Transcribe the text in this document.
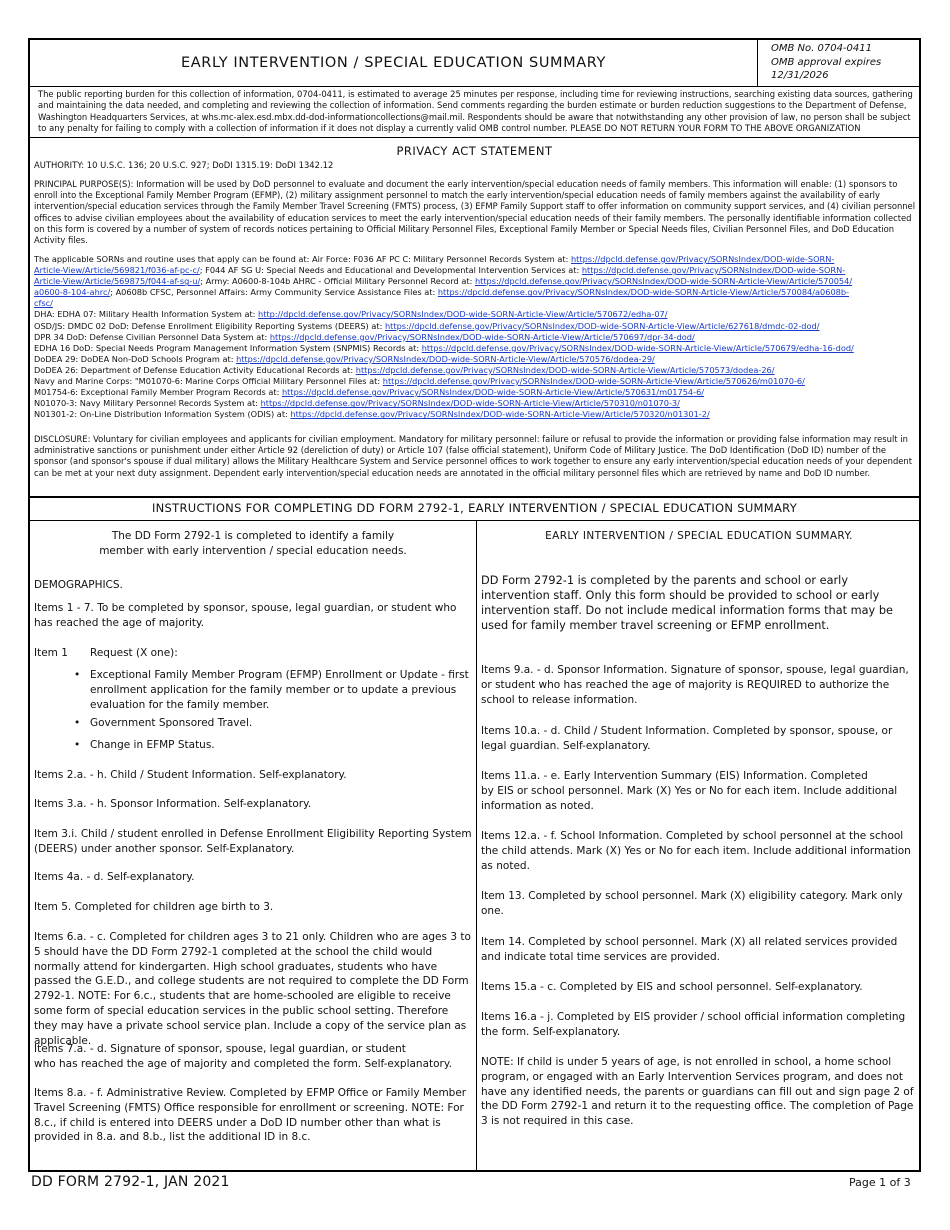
EARLY INTERVENTION / SPECIAL EDUCATION SUMMARY
OMB No. 0704-0411
OMB approval expires
12/31/2026
The public reporting burden for this collection of information, 0704-0411, is estimated to average 25 minutes per response, including time for reviewing instructions, searching existing data sources, gathering and maintaining the data needed, and completing and reviewing the collection of information. Send comments regarding the burden estimate or burden reduction suggestions to the Department of Defense, Washington Headquarters Services, at whs.mc-alex.esd.mbx.dd-dod-informationcollections@mail.mil. Respondents should be aware that notwithstanding any other provision of law, no person shall be subject to any penalty for failing to comply with a collection of information if it does not display a currently valid OMB control number. PLEASE DO NOT RETURN YOUR FORM TO THE ABOVE ORGANIZATION
PRIVACY ACT STATEMENT
AUTHORITY: 10 U.S.C. 136; 20 U.S.C. 927; DoDI 1315.19: DoDI 1342.12
PRINCIPAL PURPOSE(S): Information will be used by DoD personnel to evaluate and document the early intervention/special education needs of family members. This information will enable: (1) sponsors to enroll into the Exceptional Family Member Program (EFMP), (2) military assignment personnel to match the early intervention/special education needs of family members against the availability of early intervention/special education services through the Family Member Travel Screening (FMTS) process, (3) EFMP Family Support staff to offer information on community support services, and (4) civilian personnel offices to advise civilian employees about the availability of education services to meet the early intervention/special education needs of their family members. The personally identifiable information collected on this form is covered by a number of system of records notices pertaining to Official Military Personnel Files, Exceptional Family Member or Special Needs files, Civilian Personnel Files, and DoD Education Activity files.
The applicable SORNs and routine uses that apply can be found at: Air Force: F036 AF PC C: Military Personnel Records System at: https://dpcld.defense.gov/Privacy/SORNsIndex/DOD-wide-SORN-
Article-View/Article/569821/f036-af-pc-c/; F044 AF SG U: Special Needs and Educational and Developmental Intervention Services at: https://dpcld.defense.gov/Privacy/SORNsIndex/DOD-wide-SORN-
Article-View/Article/569875/f044-af-sg-u/; Army: A0600-8-104b AHRC - Official Military Personnel Record at: https://dpcld.defense.gov/Privacy/SORNsIndex/DOD-wide-SORN-Article-View/Article/570054/
a0600-8-104-ahrc/; A0608b CFSC, Personnel Affairs: Army Community Service Assistance Files at: https://dpcld.defense.gov/Privacy/SORNsIndex/DOD-wide-SORN-Article-View/Article/570084/a0608b-
cfsc/
DHA: EDHA 07: Military Health Information System at: http://dpcld.defense.gov/Privacy/SORNsIndex/DOD-wide-SORN-Article-View/Article/570672/edha-07/
OSD/JS: DMDC 02 DoD: Defense Enrollment Eligibility Reporting Systems (DEERS) at: https://dpcld.defense.gov/Privacy/SORNsIndex/DOD-wide-SORN-Article-View/Article/627618/dmdc-02-dod/
DPR 34 DoD: Defense Civilian Personnel Data System at: https://dpcld.defense.gov/Privacy/SORNsIndex/DOD-wide-SORN-Article-View/Article/570697/dpr-34-dod/
EDHA 16 DoD: Special Needs Program Management Information System (SNPMIS) Records at: https://dpcld.defense.gov/Privacy/SORNsIndex/DOD-wide-SORN-Article-View/Article/570679/edha-16-dod/
DoDEA 29: DoDEA Non-DoD Schools Program at: https://dpcld.defense.gov/Privacy/SORNsIndex/DOD-wide-SORN-Article-View/Article/570576/dodea-29/
DoDEA 26: Department of Defense Education Activity Educational Records at: https://dpcld.defense.gov/Privacy/SORNsIndex/DOD-wide-SORN-Article-View/Article/570573/dodea-26/
Navy and Marine Corps: "M01070-6: Marine Corps Official Military Personnel Files at: https://dpcld.defense.gov/Privacy/SORNsIndex/DOD-wide-SORN-Article-View/Article/570626/m01070-6/
M01754-6: Exceptional Family Member Program Records at: https://dpcld.defense.gov/Privacy/SORNsIndex/DOD-wide-SORN-Article-View/Article/570631/m01754-6/
N01070-3: Navy Military Personnel Records System at: https://dpcld.defense.gov/Privacy/SORNsIndex/DOD-wide-SORN-Article-View/Article/570310/n01070-3/
N01301-2: On-Line Distribution Information System (ODIS) at: https://dpcld.defense.gov/Privacy/SORNsIndex/DOD-wide-SORN-Article-View/Article/570320/n01301-2/
DISCLOSURE: Voluntary for civilian employees and applicants for civilian employment. Mandatory for military personnel: failure or refusal to provide the information or providing false information may result in administrative sanctions or punishment under either Article 92 (dereliction of duty) or Article 107 (false official statement), Uniform Code of Military Justice. The DoD Identification (DoD ID) number of the sponsor (and sponsor's spouse if dual military) allows the Military Healthcare System and Service personnel offices to work together to ensure any early intervention/special education needs of your dependent can be met at your next duty assignment. Dependent early intervention/special education needs are annotated in the official military personnel files which are retrieved by name and DoD ID number.
INSTRUCTIONS FOR COMPLETING DD FORM 2792-1, EARLY INTERVENTION / SPECIAL EDUCATION SUMMARY
The DD Form 2792-1 is completed to identify a family
member with early intervention / special education needs.
DEMOGRAPHICS.
Items 1 - 7. To be completed by sponsor, spouse, legal guardian, or student who has reached the age of majority.
Item 1	Request (X one):
• Exceptional Family Member Program (EFMP) Enrollment or Update - first enrollment application for the family member or to update a previous evaluation for the family member.
• Government Sponsored Travel.
• Change in EFMP Status.
Items 2.a. - h. Child / Student Information. Self-explanatory.
Items 3.a. - h. Sponsor Information. Self-explanatory.
Item 3.i. Child / student enrolled in Defense Enrollment Eligibility Reporting System (DEERS) under another sponsor. Self-Explanatory.
Items 4a. - d. Self-explanatory.
Item 5. Completed for children age birth to 3.
Items 6.a. - c. Completed for children ages 3 to 21 only. Children who are ages 3 to 5 should have the DD Form 2792-1 completed at the school the child would normally attend for kindergarten. High school graduates, students who have passed the G.E.D., and college students are not required to complete the DD Form 2792-1. NOTE: For 6.c., students that are home-schooled are eligible to receive some form of special education services in the public school setting. Therefore they may have a private school service plan. Include a copy of the service plan as applicable.
Items 7.a. - d. Signature of sponsor, spouse, legal guardian, or student
who has reached the age of majority and completed the form. Self-explanatory.
Items 8.a. - f. Administrative Review. Completed by EFMP Office or Family Member Travel Screening (FMTS) Office responsible for enrollment or screening. NOTE: For 8.c., if child is entered into DEERS under a DoD ID number other than what is provided in 8.a. and 8.b., list the additional ID in 8.c.
EARLY INTERVENTION / SPECIAL EDUCATION SUMMARY.
DD Form 2792-1 is completed by the parents and school or early intervention staff. Only this form should be provided to school or early intervention staff. Do not include medical information forms that may be used for family member travel screening or EFMP enrollment.
Items 9.a. - d. Sponsor Information. Signature of sponsor, spouse, legal guardian, or student who has reached the age of majority is REQUIRED to authorize the school to release information.
Items 10.a. - d. Child / Student Information. Completed by sponsor, spouse, or legal guardian. Self-explanatory.
Items 11.a. - e. Early Intervention Summary (EIS) Information. Completed
by EIS or school personnel. Mark (X) Yes or No for each item. Include additional information as noted.
Items 12.a. - f. School Information. Completed by school personnel at the school the child attends. Mark (X) Yes or No for each item. Include additional information as noted.
Item 13. Completed by school personnel. Mark (X) eligibility category. Mark only one.
Item 14. Completed by school personnel. Mark (X) all related services provided and indicate total time services are provided.
Items 15.a - c. Completed by EIS and school personnel. Self-explanatory.
Items 16.a - j. Completed by EIS provider / school official information completing the form. Self-explanatory.
NOTE: If child is under 5 years of age, is not enrolled in school, a home school program, or engaged with an Early Intervention Services program, and does not have any identified needs, the parents or guardians can fill out and sign page 2 of the DD Form 2792-1 and return it to the requesting office. The completion of Page 3 is not required in this case.
DD FORM 2792-1, JAN 2021	Page 1 of 3
